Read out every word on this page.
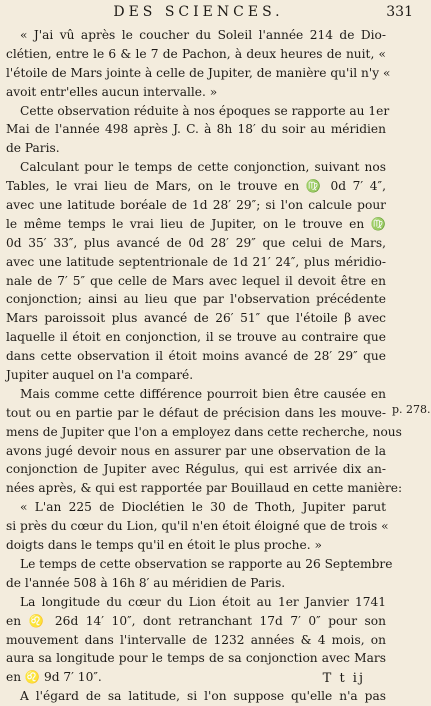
DES SCIENCES.	331
« J'ai vû après le coucher du Soleil l'année 214 de Dio-
clétien, entre le 6 & le 7 de Pachon, à deux heures de nuit, «
l'étoile de Mars jointe à celle de Jupiter, de manière qu'il n'y «
avoit entr'elles aucun intervalle. »
Cette observation réduite à nos époques se rapporte au 1er
Mai de l'année 498 après J. C. à 8h 18′ du soir au méridien
de Paris.
Calculant pour le temps de cette conjonction, suivant nos
Tables, le vrai lieu de Mars, on le trouve en ♍ 0d 7′ 4″,
avec une latitude boréale de 1d 28′ 29″; si l'on calcule pour
le même temps le vrai lieu de Jupiter, on le trouve en ♍
0d 35′ 33″, plus avancé de 0d 28′ 29″ que celui de Mars,
avec une latitude septentrionale de 1d 21′ 24″, plus méridio-
nale de 7′ 5″ que celle de Mars avec lequel il devoit être en
conjonction; ainsi au lieu que par l'observation précédente
Mars paroissoit plus avancé de 26′ 51″ que l'étoile β avec
laquelle il étoit en conjonction, il se trouve au contraire que
dans cette observation il étoit moins avancé de 28′ 29″ que
Jupiter auquel on l'a comparé.
Mais comme cette différence pourroit bien être causée en
tout ou en partie par le défaut de précision dans les mouve-
mens de Jupiter que l'on a employez dans cette recherche, nous
avons jugé devoir nous en assurer par une observation de la
conjonction de Jupiter avec Régulus, qui est arrivée dix an-
nées après, & qui est rapportée par Bouillaud en cette manière:
« L'an 225 de Dioclétien le 30 de Thoth, Jupiter parut
si près du cœur du Lion, qu'il n'en étoit éloigné que de trois «
doigts dans le temps qu'il en étoit le plus proche. »
Le temps de cette observation se rapporte au 26 Septembre
de l'année 508 à 16h 8′ au méridien de Paris.
La longitude du cœur du Lion étoit au 1er Janvier 1741
en ♌ 26d 14′ 10″, dont retranchant 17d 7′ 0″ pour son
mouvement dans l'intervalle de 1232 années & 4 mois, on
aura sa longitude pour le temps de sa conjonction avec Mars
en ♌ 9d 7′ 10″.
A l'égard de sa latitude, si l'on suppose qu'elle n'a pas
p. 278.
T t ij
